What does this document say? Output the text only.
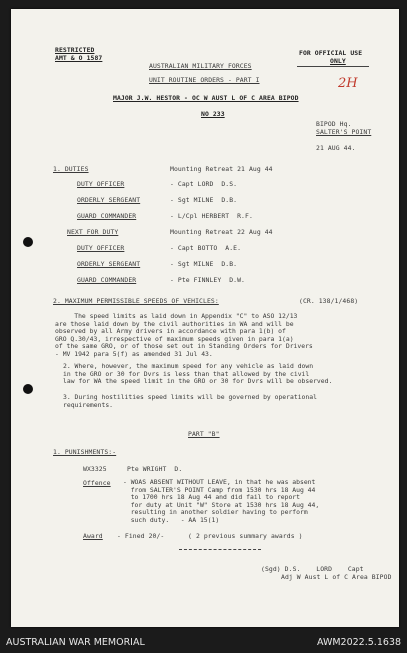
RESTRICTED
AMT & O 1587
FOR OFFICIAL USE
ONLY
2H
AUSTRALIAN MILITARY FORCES
UNIT ROUTINE ORDERS - PART I
MAJOR J.W. HESTOR - OC W AUST L OF C AREA BIPOD
NO 233
BIPOD Hq.
SALTER'S POINT
21 AUG 44.
1. DUTIES	Mounting Retreat 21 Aug 44
DUTY OFFICER	- Capt LORD  D.S.
ORDERLY SERGEANT	- Sgt MILNE  D.B.
GUARD COMMANDER	- L/Cpl HERBERT  R.F.
NEXT FOR DUTY	Mounting Retreat 22 Aug 44
DUTY OFFICER	- Capt BOTTO  A.E.
ORDERLY SERGEANT	- Sgt MILNE  D.B.
GUARD COMMANDER	- Pte FINNLEY  D.W.
2. MAXIMUM PERMISSIBLE SPEEDS OF VEHICLES:	(CR. 138/1/468)
The speed limits as laid down in Appendix "C" to ASO 12/13
are those laid down by the civil authorities in WA and will be
observed by all Army drivers in accordance with para 1(b) of
GRO Q.30/43, irrespective of maximum speeds given in para 1(a)
of the same GRO, or of those set out in Standing Orders for Drivers
- MV 1942 para 5(f) as amended 31 Jul 43.
2. Where, however, the maximum speed for any vehicle as laid down
in the GRO or 30 for Dvrs is less than that allowed by the civil
law for WA the speed limit in the GRO or 30 for Dvrs will be observed.
3. During hostilities speed limits will be governed by operational
requirements.
PART "B"
1. PUNISHMENTS:-
WX3325	Pte WRIGHT  D.
Offence - WOAS ABSENT WITHOUT LEAVE, in that he was absent
from SALTER'S POINT Camp from 1530 hrs 18 Aug 44
to 1700 hrs 18 Aug 44 and did fail to report
for duty at Unit "W" Store at 1530 hrs 18 Aug 44,
resulting in another soldier having to perform
such duty.   - AA 15(1)
Award - Fined 20/-      ( 2 previous summary awards )
(Sgd) D.S.    LORD    Capt
Adj W Aust L of C Area BIPOD
AUSTRALIAN WAR MEMORIAL	AWM2022.5.1638
